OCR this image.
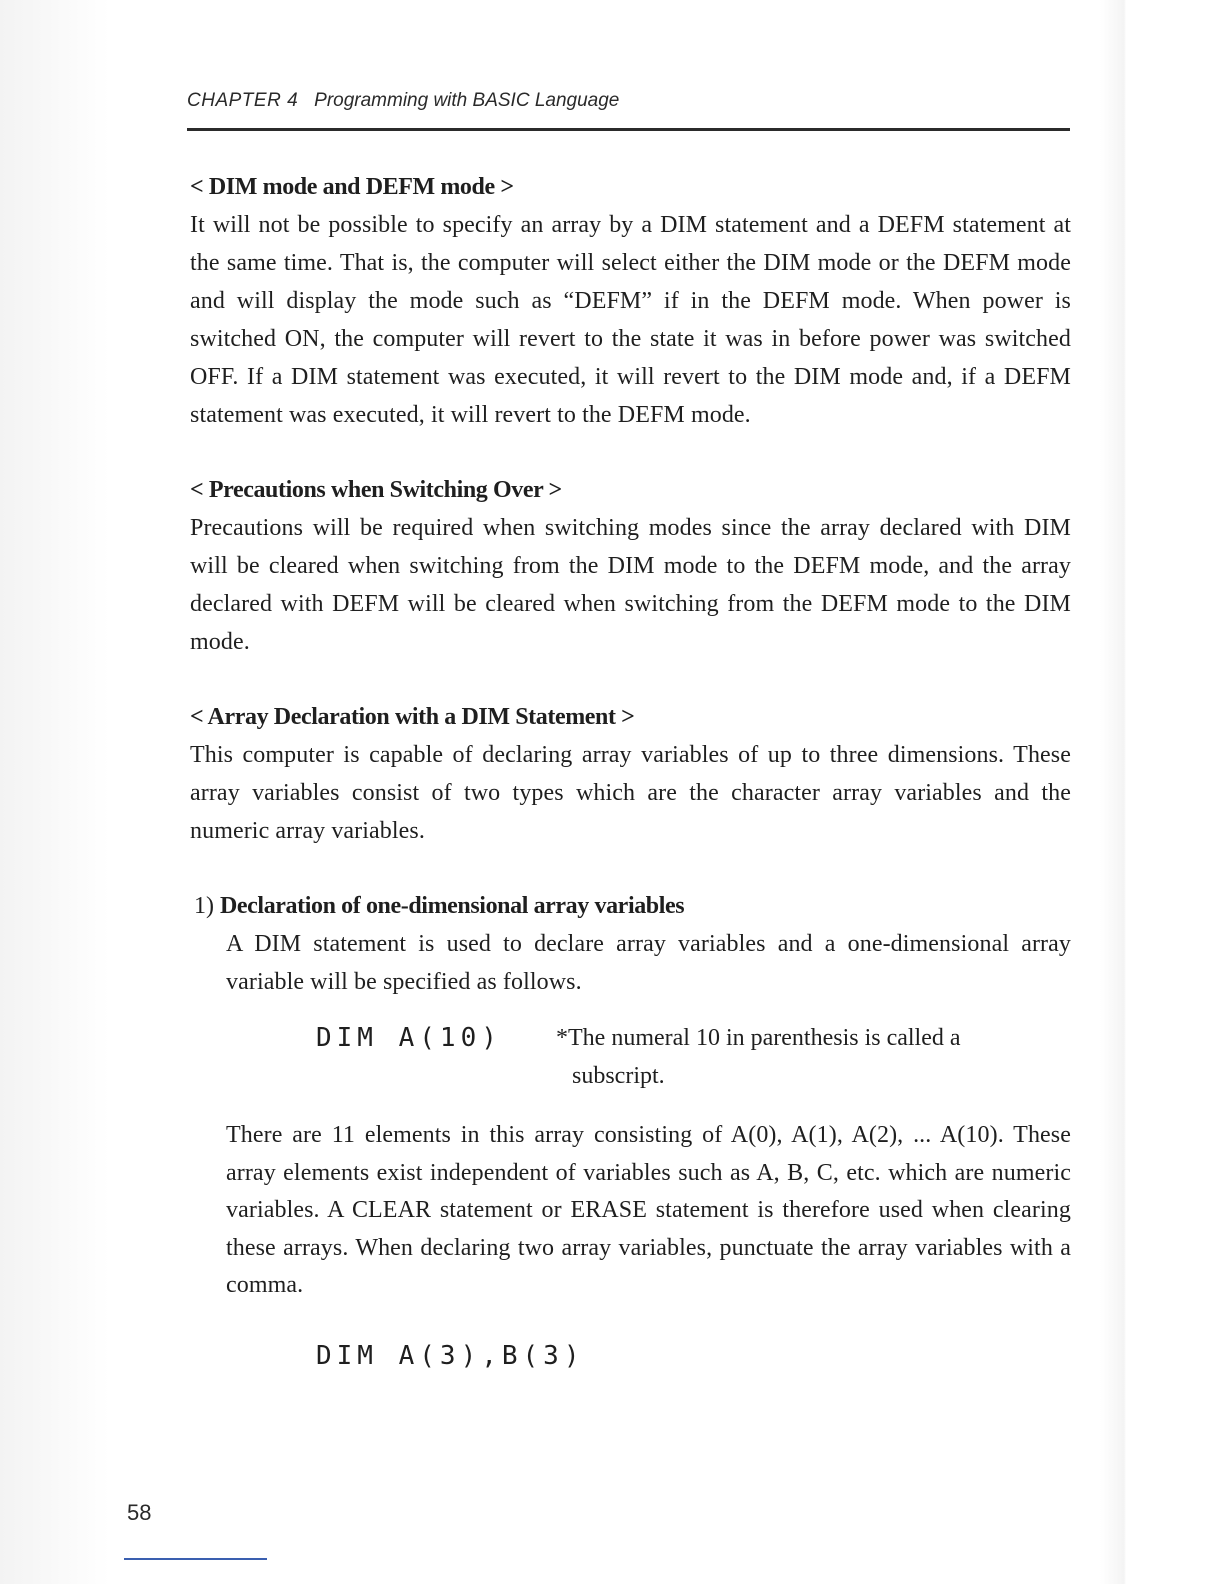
CHAPTER 4 Programming with BASIC Language
< DIM mode and DEFM mode >

It will not be possible to specify an array by a DIM statement and a DEFM statement at the same time. That is, the computer will select either the DIM mode or the DEFM mode and will display the mode such as “DEFM” if in the DEFM mode. When power is switched ON, the computer will revert to the state it was in before power was switched OFF. If a DIM statement was executed, it will revert to the DIM mode and, if a DEFM statement was executed, it will revert to the DEFM mode.

< Precautions when Switching Over >

Precautions will be required when switching modes since the array declared with DIM will be cleared when switching from the DIM mode to the DEFM mode, and the array declared with DEFM will be cleared when switching from the DEFM mode to the DIM mode.

< Array Declaration with a DIM Statement >

This computer is capable of declaring array variables of up to three dimensions. These array variables consist of two types which are the character array variables and the numeric array variables.

1) Declaration of one-dimensional array variables

A DIM statement is used to declare array variables and a one-dimensional array variable will be specified as follows.

DIM A(10)	*The numeral 10 in parenthesis is called a
subscript.

There are 11 elements in this array consisting of A(0), A(1), A(2), ... A(10). These array elements exist independent of variables such as A, B, C, etc. which are numeric variables. A CLEAR statement or ERASE statement is therefore used when clearing these arrays. When declaring two array variables, punctuate the array variables with a comma.

DIM A(3),B(3)
58
